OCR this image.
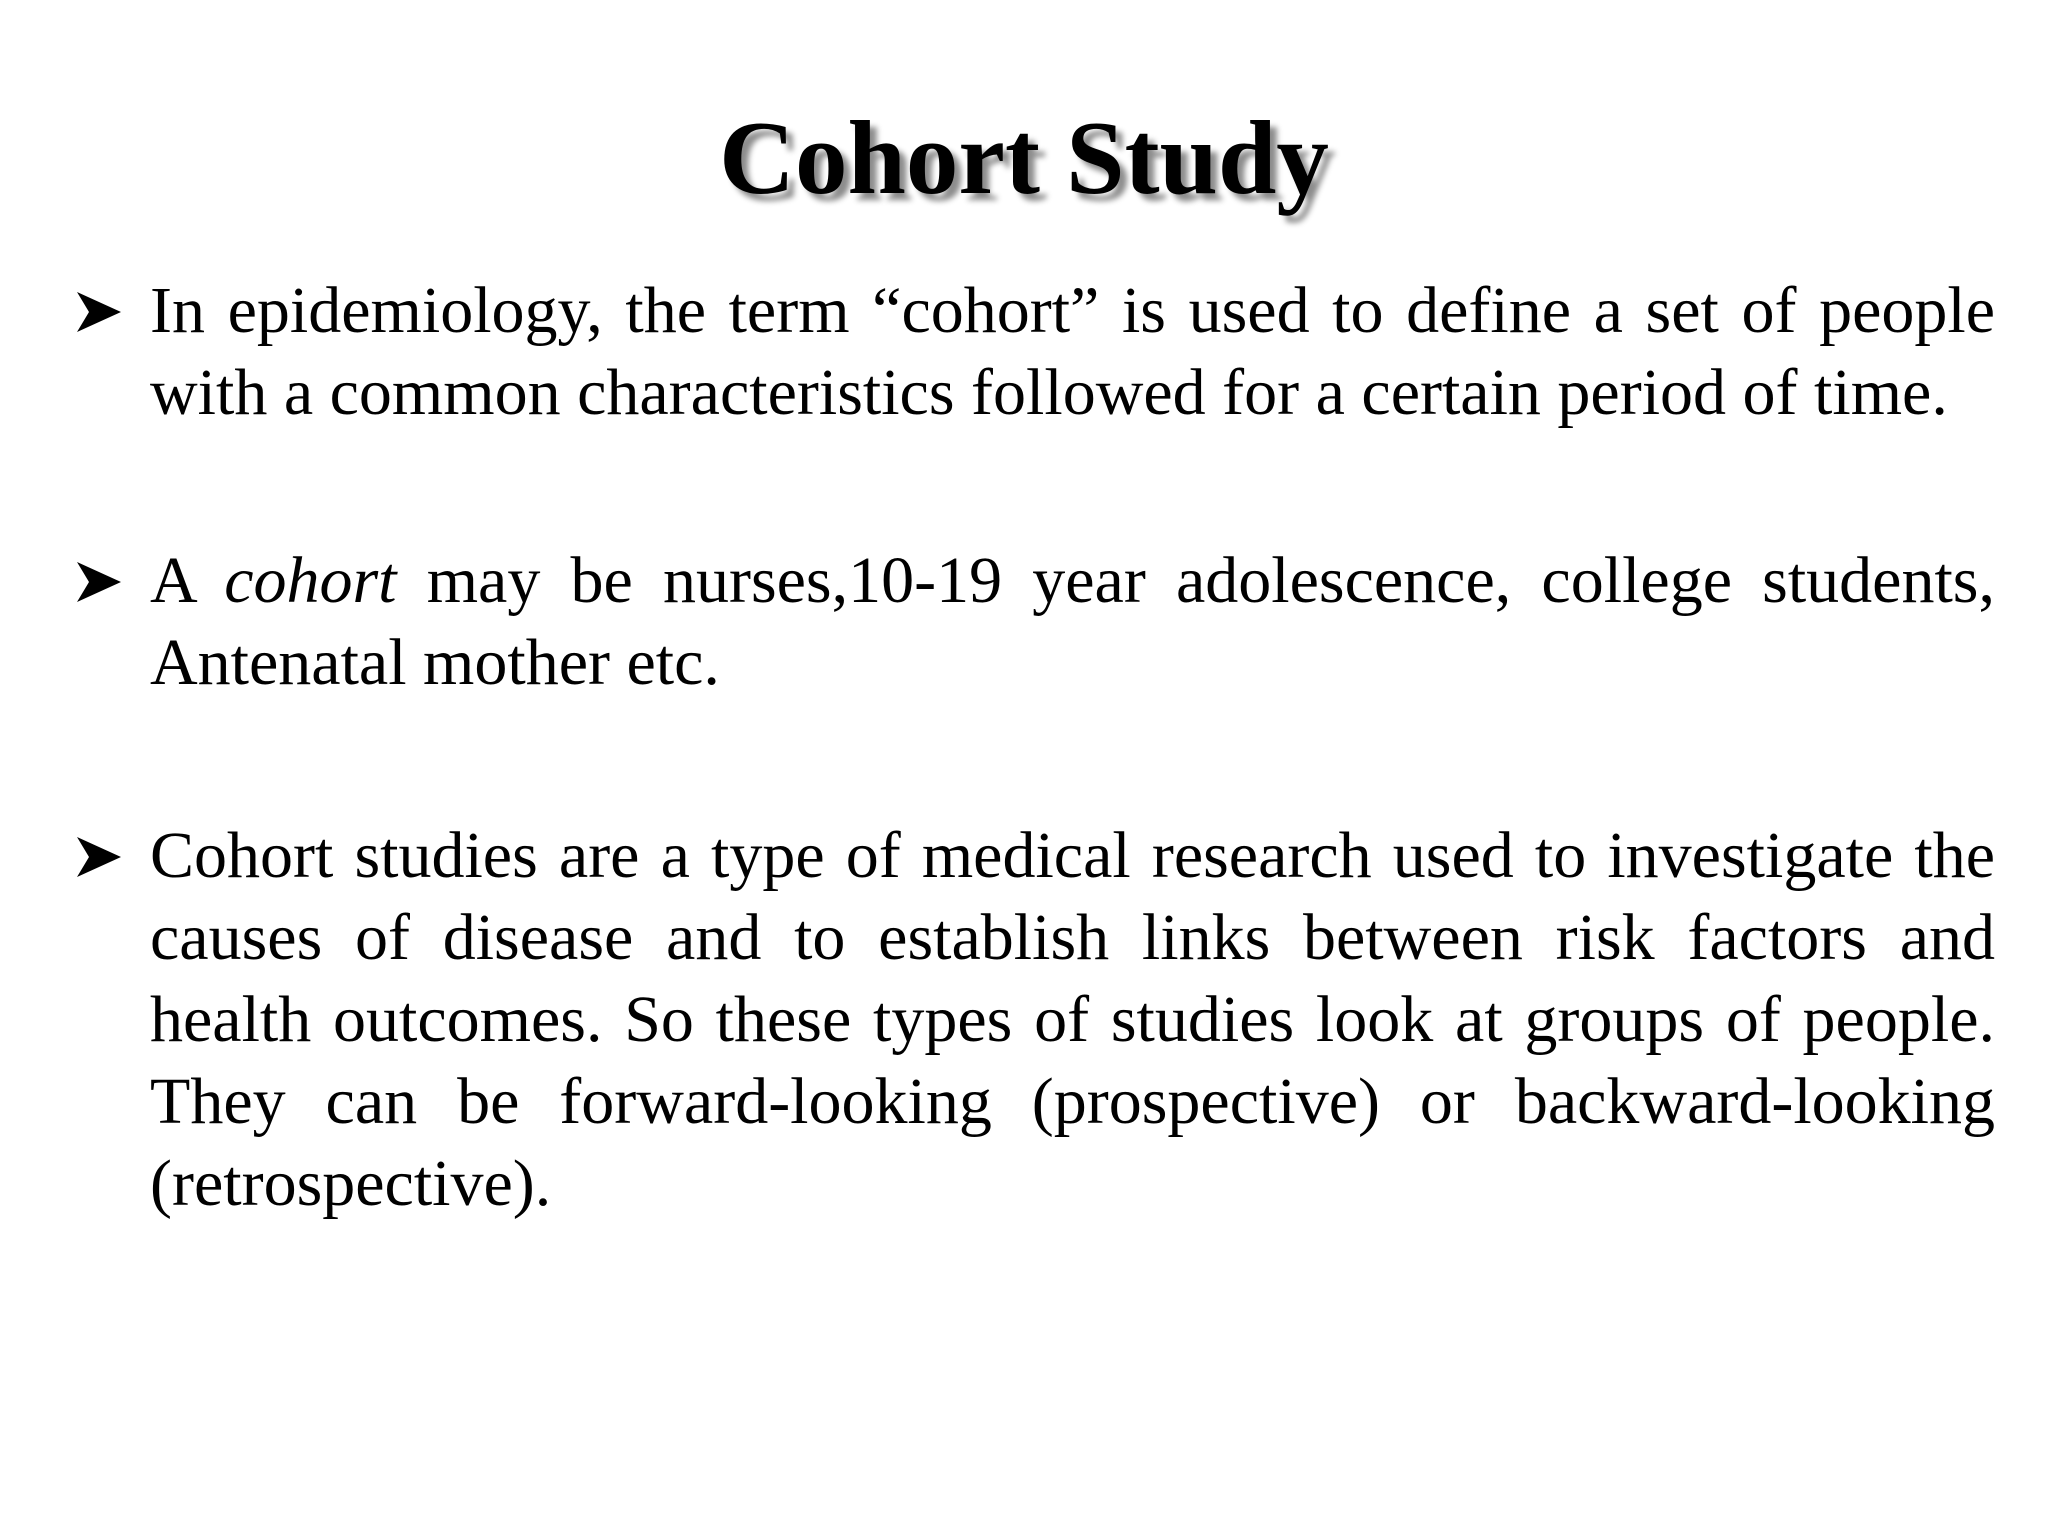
Cohort Study
In epidemiology, the term “cohort” is used to define a set of people with a common characteristics followed for a certain period of time.
A cohort may be nurses,10-19 year adolescence, college students, Antenatal mother etc.
Cohort studies are a type of medical research used to investigate the causes of disease and to establish links between risk factors and health outcomes. So these types of studies look at groups of people. They can be forward-looking (prospective) or backward-looking (retrospective).
